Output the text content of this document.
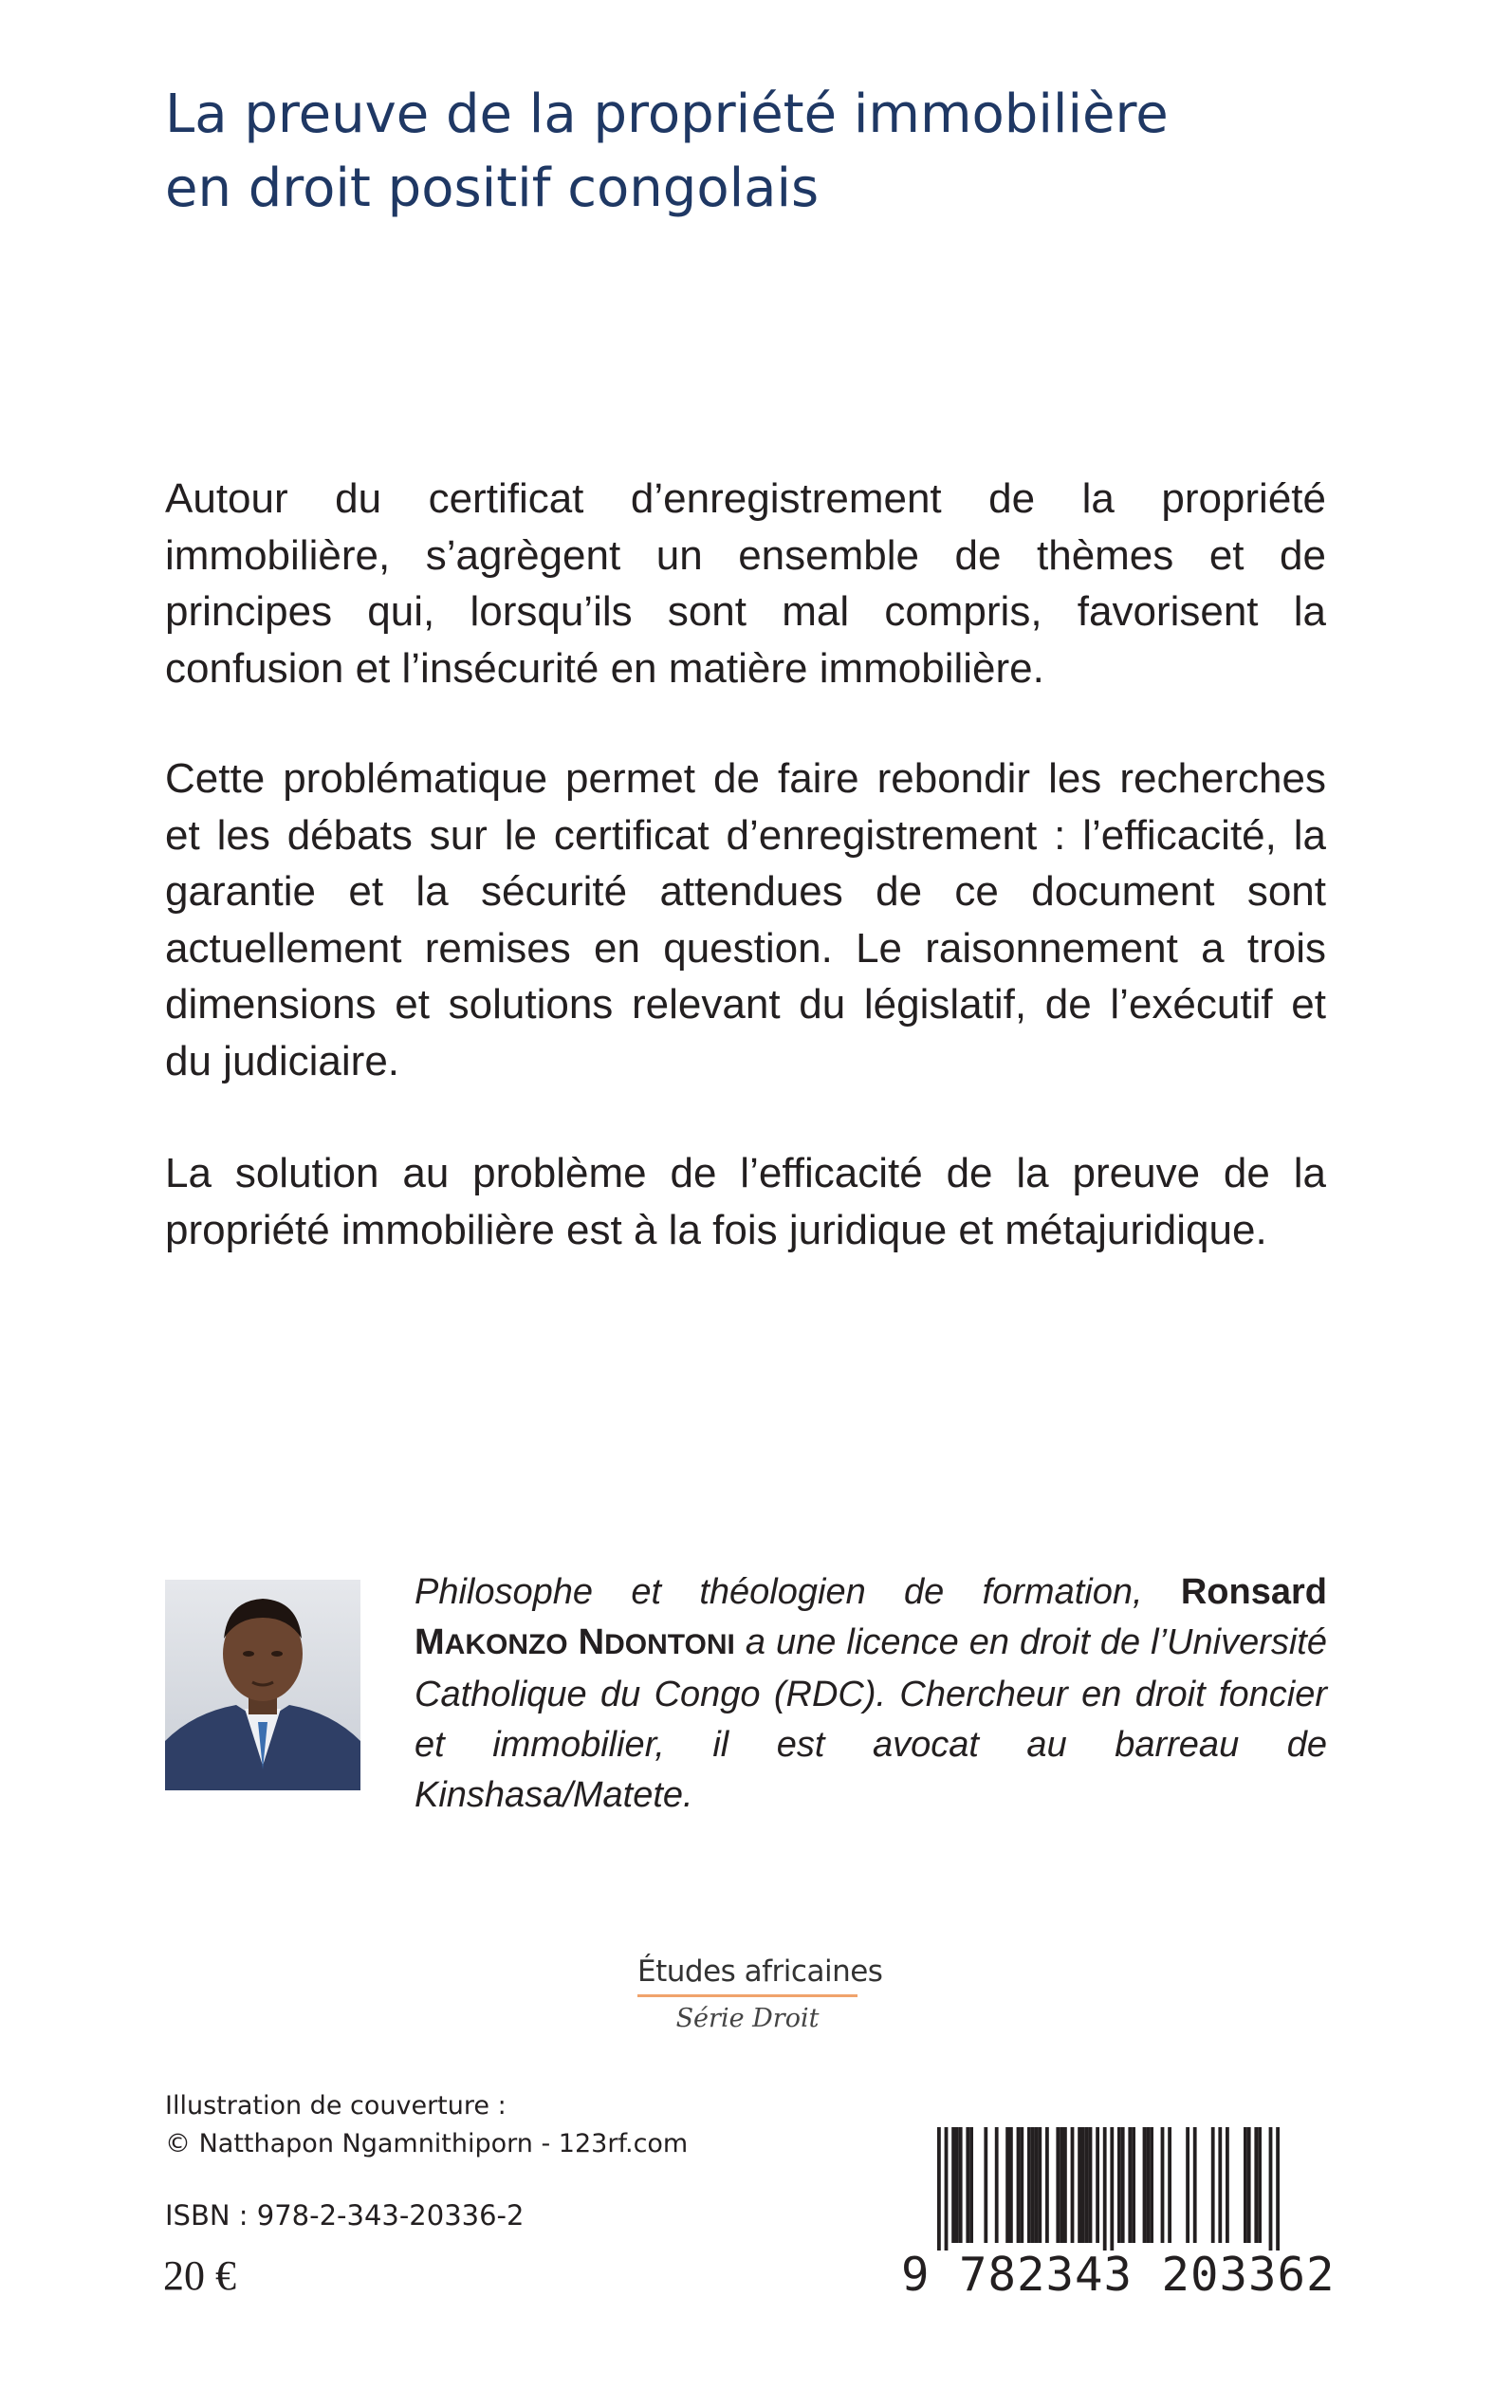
La preuve de la propriété immobilière
en droit positif congolais

Autour du certificat d’enregistrement de la propriété immobilière, s’agrègent un ensemble de thèmes et de principes qui, lorsqu’ils sont mal compris, favorisent la confusion et l’insécurité en matière immobilière.

Cette problématique permet de faire rebondir les recherches et les débats sur le certificat d’enregistrement : l’efficacité, la garantie et la sécurité attendues de ce document sont actuellement remises en question. Le raisonnement a trois dimensions et solutions relevant du législatif, de l’exécutif et du judiciaire.

La solution au problème de l’efficacité de la preuve de la propriété immobilière est à la fois juridique et métajuridique.

Philosophe et théologien de formation, Ronsard MAKONZO NDONTONI a une licence en droit de l’Université Catholique du Congo (RDC). Chercheur en droit foncier et immobilier, il est avocat au barreau de Kinshasa/Matete.

Études africaines
Série Droit
Illustration de couverture :
© Natthapon Ngamnithiporn - 123rf.com
ISBN : 978-2-343-20336-2
20 €	9 782343 203362
